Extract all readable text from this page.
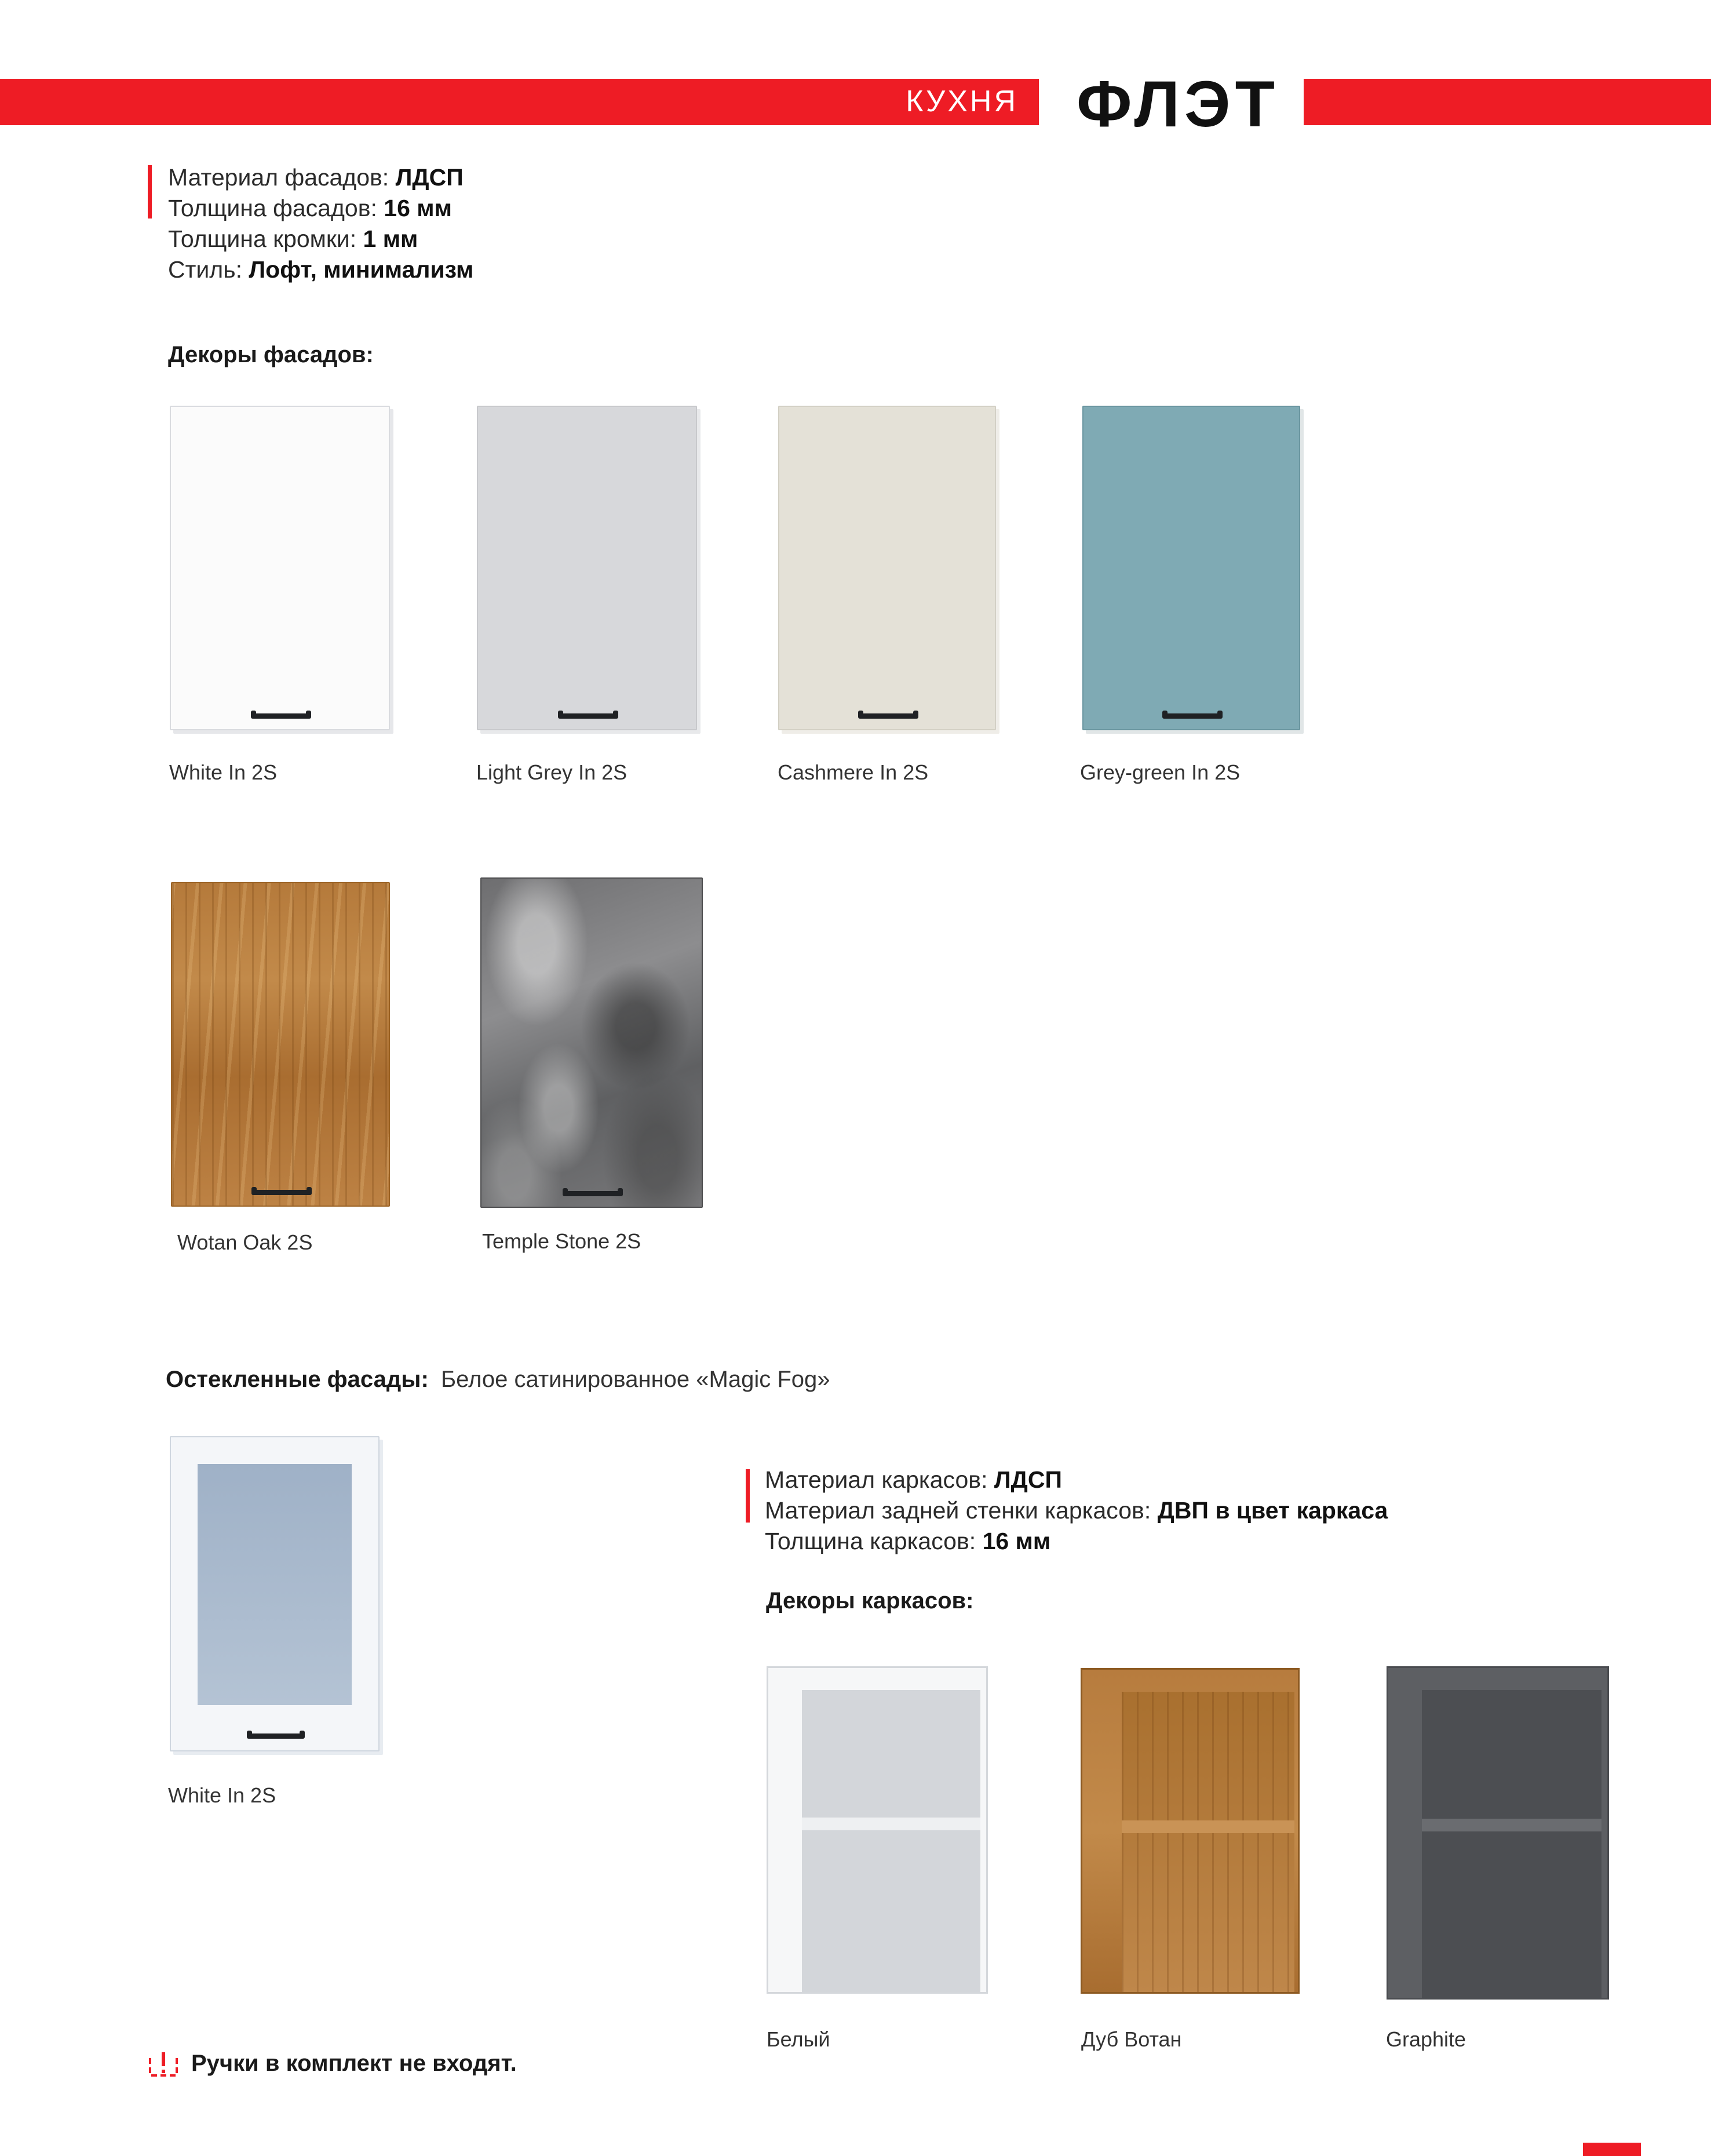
КУХНЯ ФЛЭТ
Материал фасадов: ЛДСП
Толщина фасадов: 16 мм
Толщина кромки: 1 мм
Стиль: Лофт, минимализм
Декоры фасадов:
White In 2S	Light Grey In 2S	Cashmere In 2S	Grey-green In 2S
Wotan Oak 2S	Temple Stone 2S
Остекленные фасады: Белое сатинированное «Magic Fog»
White In 2S
Материал каркасов: ЛДСП
Материал задней стенки каркасов: ДВП в цвет каркаса
Толщина каркасов: 16 мм
Декоры каркасов:
Белый	Дуб Вотан	Graphite
Ручки в комплект не входят.
